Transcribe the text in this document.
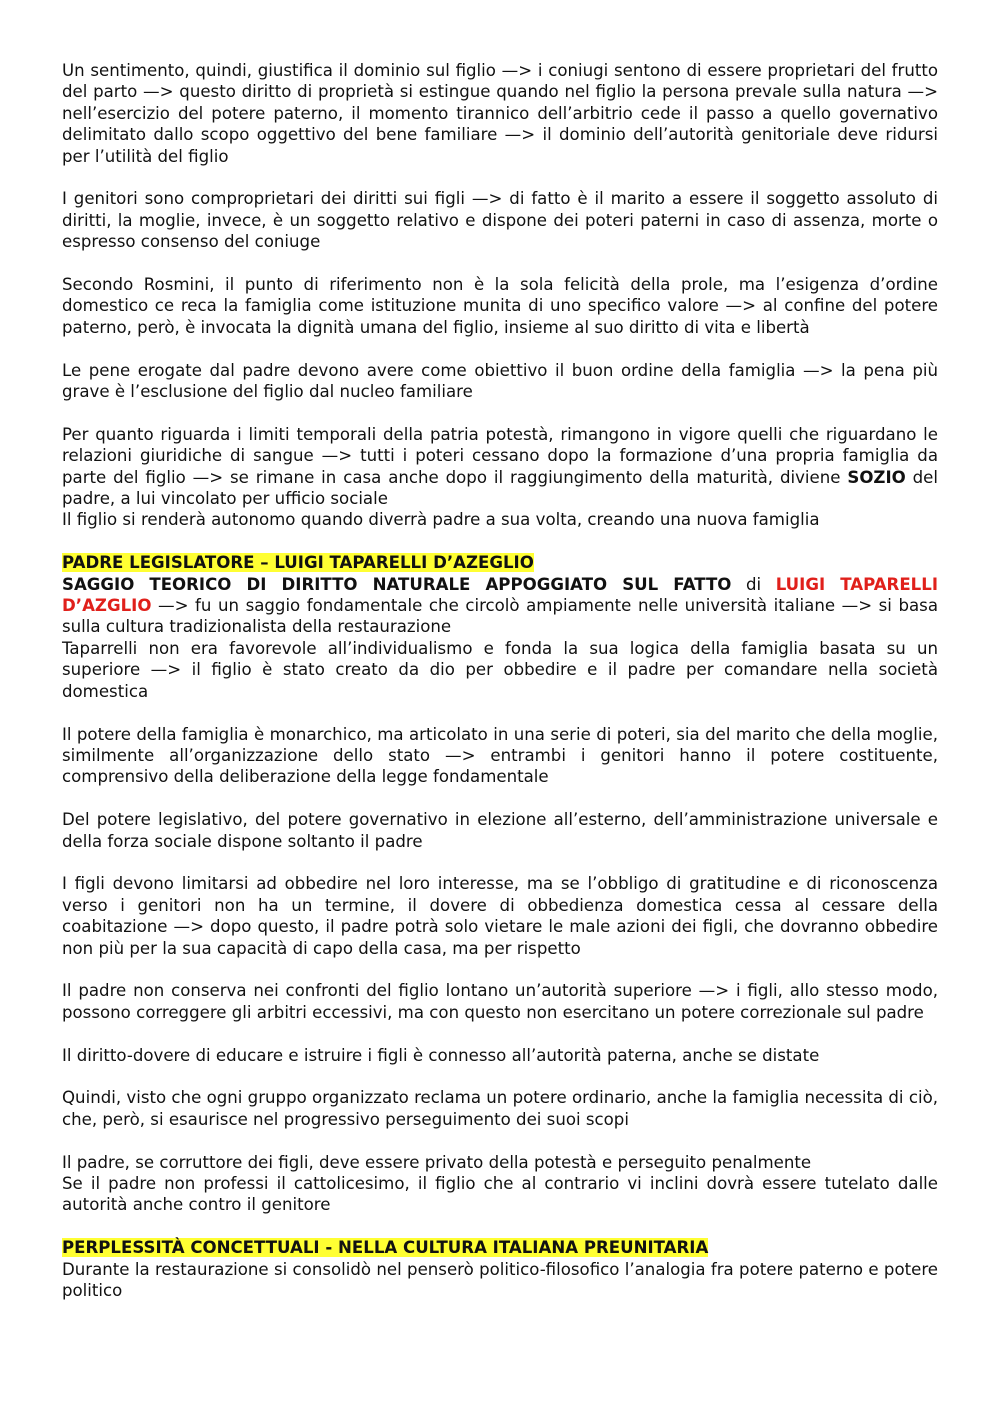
Un sentimento, quindi, giustifica il dominio sul figlio —> i coniugi sentono di essere proprietari del frutto del parto —> questo diritto di proprietà si estingue quando nel figlio la persona prevale sulla natura —> nell’esercizio del potere paterno, il momento tirannico dell’arbitrio cede il passo a quello governativo delimitato dallo scopo oggettivo del bene familiare —> il dominio dell’autorità genitoriale deve ridursi per l’utilità del figlio

I genitori sono comproprietari dei diritti sui figli —> di fatto è il marito a essere il soggetto assoluto di diritti, la moglie, invece, è un soggetto relativo e dispone dei poteri paterni in caso di assenza, morte o espresso consenso del coniuge

Secondo Rosmini, il punto di riferimento non è la sola felicità della prole, ma l’esigenza d’ordine domestico ce reca la famiglia come istituzione munita di uno specifico valore —> al confine del potere paterno, però, è invocata la dignità umana del figlio, insieme al suo diritto di vita e libertà

Le pene erogate dal padre devono avere come obiettivo il buon ordine della famiglia —> la pena più grave è l’esclusione del figlio dal nucleo familiare

Per quanto riguarda i limiti temporali della patria potestà, rimangono in vigore quelli che riguardano le relazioni giuridiche di sangue —> tutti i poteri cessano dopo la formazione d’una propria famiglia da parte del figlio —> se rimane in casa anche dopo il raggiungimento della maturità, diviene SOZIO del padre, a lui vincolato per ufficio sociale

Il figlio si renderà autonomo quando diverrà padre a sua volta, creando una nuova famiglia

PADRE LEGISLATORE – LUIGI TAPARELLI D’AZEGLIO

SAGGIO TEORICO DI DIRITTO NATURALE APPOGGIATO SUL FATTO di LUIGI TAPARELLI D’AZGLIO —> fu un saggio fondamentale che circolò ampiamente nelle università italiane —> si basa sulla cultura tradizionalista della restaurazione

Taparrelli non era favorevole all’individualismo e fonda la sua logica della famiglia basata su un superiore —> il figlio è stato creato da dio per obbedire e il padre per comandare nella società domestica

Il potere della famiglia è monarchico, ma articolato in una serie di poteri, sia del marito che della moglie, similmente all’organizzazione dello stato —> entrambi i genitori hanno il potere costituente, comprensivo della deliberazione della legge fondamentale

Del potere legislativo, del potere governativo in elezione all’esterno, dell’amministrazione universale e della forza sociale dispone soltanto il padre

I figli devono limitarsi ad obbedire nel loro interesse, ma se l’obbligo di gratitudine e di riconoscenza verso i genitori non ha un termine, il dovere di obbedienza domestica cessa al cessare della coabitazione —> dopo questo, il padre potrà solo vietare le male azioni dei figli, che dovranno obbedire non più per la sua capacità di capo della casa, ma per rispetto

Il padre non conserva nei confronti del figlio lontano un’autorità superiore —> i figli, allo stesso modo, possono correggere gli arbitri eccessivi, ma con questo non esercitano un potere correzionale sul padre

Il diritto-dovere di educare e istruire i figli è connesso all’autorità paterna, anche se distate

Quindi, visto che ogni gruppo organizzato reclama un potere ordinario, anche la famiglia necessita di ciò, che, però, si esaurisce nel progressivo perseguimento dei suoi scopi

Il padre, se corruttore dei figli, deve essere privato della potestà e perseguito penalmente

Se il padre non professi il cattolicesimo, il figlio che al contrario vi inclini dovrà essere tutelato dalle autorità anche contro il genitore

PERPLESSITÀ CONCETTUALI - NELLA CULTURA ITALIANA PREUNITARIA

Durante la restaurazione si consolidò nel penserò politico-filosofico l’analogia fra potere paterno e potere politico
